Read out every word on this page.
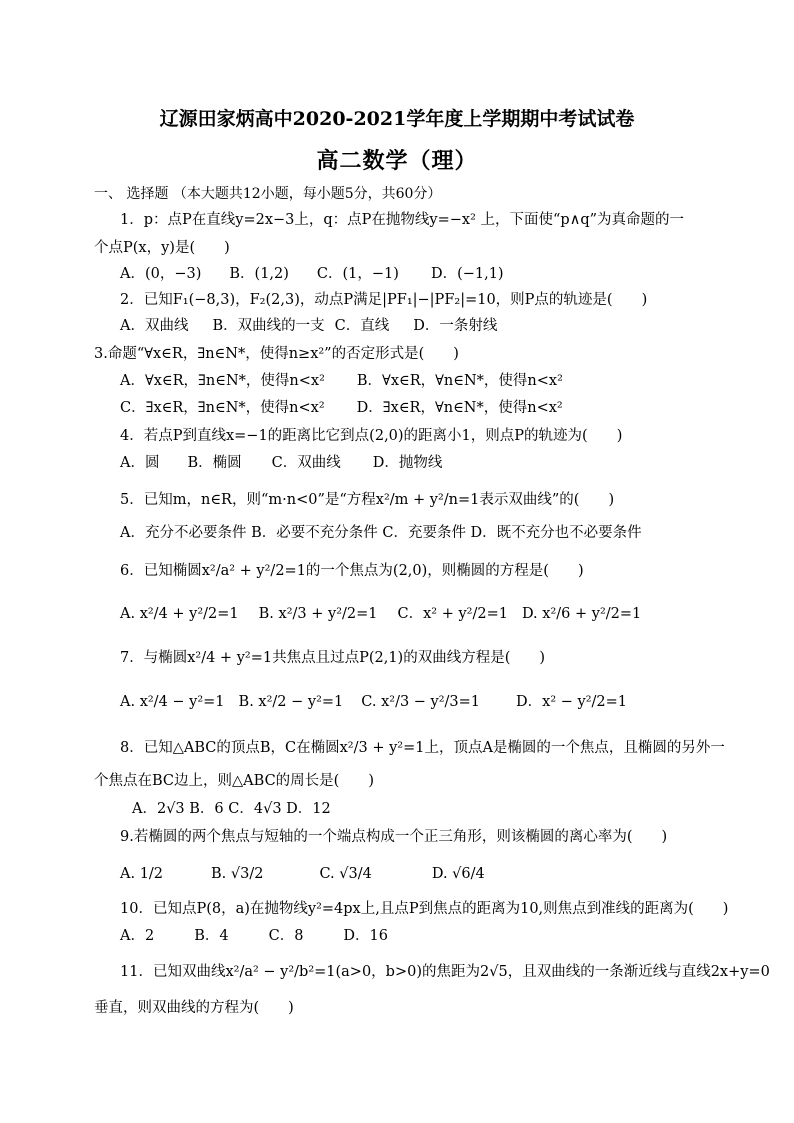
辽源田家炳高中2020-2021学年度上学期期中考试试卷
高二数学（理）
一、 选择题 （本大题共12小题，每小题5分，共60分）
1．p：点P在直线y=2x−3上，q：点P在抛物线y=−x² 上，下面使“p∧q”为真命题的一
个点P(x，y)是(　　)
A．(0，−3) B．(1,2) C．(1，−1) D．(−1,1)
2．已知F₁(−8,3)，F₂(2,3)，动点P满足|PF₁|−|PF₂|=10，则P点的轨迹是(　　)
A．双曲线 B．双曲线的一支 C．直线 D．一条射线
3.命题“∀x∈R，∃n∈N*，使得n≥x²”的否定形式是(　　)
A．∀x∈R，∃n∈N*，使得n<x² B．∀x∈R，∀n∈N*，使得n<x²
C．∃x∈R，∃n∈N*，使得n<x² D．∃x∈R，∀n∈N*，使得n<x²
4．若点P到直线x=−1的距离比它到点(2,0)的距离小1，则点P的轨迹为(　　)
A．圆 B．椭圆 C．双曲线 D．抛物线
5．已知m，n∈R，则“m·n<0”是“方程x²/m + y²/n=1表示双曲线”的(　　)
A．充分不必要条件 B．必要不充分条件 C．充要条件 D．既不充分也不必要条件
6．已知椭圆x²/a² + y²/2=1的一个焦点为(2,0)，则椭圆的方程是(　　)
A. x²/4 + y²/2=1 B. x²/3 + y²/2=1 C．x² + y²/2=1 D. x²/6 + y²/2=1
7．与椭圆x²/4 + y²=1共焦点且过点P(2,1)的双曲线方程是(　　)
A. x²/4 − y²=1 B. x²/2 − y²=1 C. x²/3 − y²/3=1 D．x² − y²/2=1
8．已知△ABC的顶点B，C在椭圆x²/3 + y²=1上，顶点A是椭圆的一个焦点，且椭圆的另外一
个焦点在BC边上，则△ABC的周长是(　　)
A．2√3 B．6 C．4√3 D．12
9.若椭圆的两个焦点与短轴的一个端点构成一个正三角形，则该椭圆的离心率为(　　)
A. 1/2	B. √3/2	C. √3/4	D. √6/4
10．已知点P(8，a)在抛物线y²=4px上,且点P到焦点的距离为10,则焦点到准线的距离为(　　)
A．2	B．4	C．8	D．16
11．已知双曲线x²/a² − y²/b²=1(a>0，b>0)的焦距为2√5，且双曲线的一条渐近线与直线2x+y=0
垂直，则双曲线的方程为(　　)
